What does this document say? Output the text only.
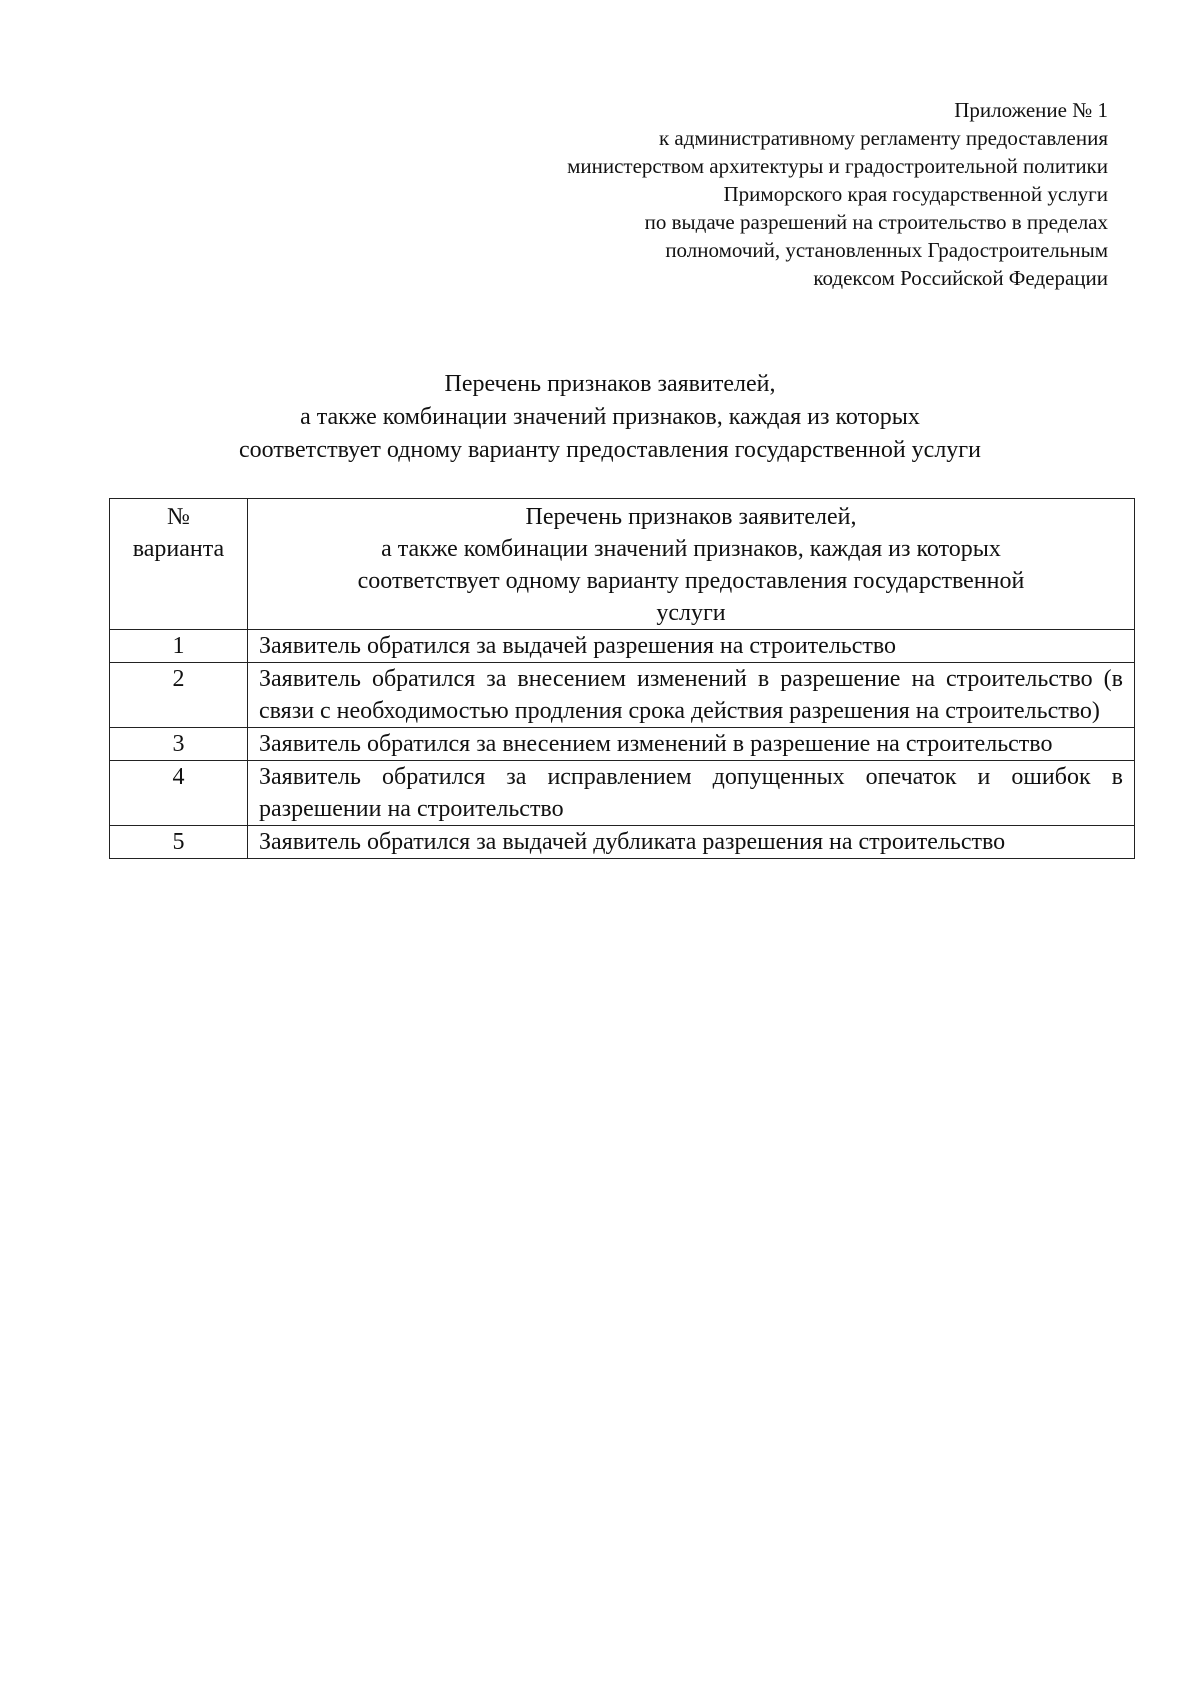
Приложение № 1
к административному регламенту предоставления
министерством архитектуры и градостроительной политики
Приморского края государственной услуги
по выдаче разрешений на строительство в пределах
полномочий, установленных Градостроительным
кодексом Российской Федерации
Перечень признаков заявителей,
а также комбинации значений признаков, каждая из которых
соответствует одному варианту предоставления государственной услуги
№
варианта	Перечень признаков заявителей,
а также комбинации значений признаков, каждая из которых
соответствует одному варианту предоставления государственной
услуги

1	Заявитель обратился за выдачей разрешения на строительство
2	Заявитель обратился за внесением изменений в разрешение на строительство (в связи с необходимостью продления срока действия разрешения на строительство)
3	Заявитель обратился за внесением изменений в разрешение на строительство
4	Заявитель обратился за исправлением допущенных опечаток и ошибок в разрешении на строительство
5	Заявитель обратился за выдачей дубликата разрешения на строительство
